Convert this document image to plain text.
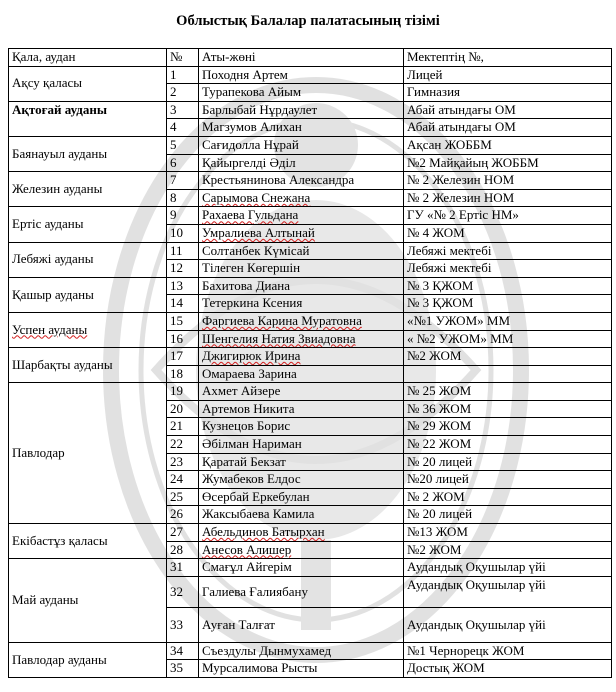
Облыстық Балалар палатасының тізімі
Қала, аудан	№	Аты-жөні	Мектептің №,
Ақсу қаласы	1	Походня Артем	Лицей
	2	Турапекова Айым	Гимназия
Ақтоғай ауданы	3	Барлыбай Нұрдаулет	Абай атындағы ОМ
	4	Магзумов Алихан	Абай атындағы ОМ
Баянауыл ауданы	5	Сағидолла Нұрай	Ақсан ЖОББМ
	6	Қайыргелді Әділ	№2 Майқайың ЖОББМ
Железин ауданы	7	Крестьянинова Александра	№ 2 Железин НОМ
	8	Сарымова Снежана	№ 2 Железин НОМ
Ертіс ауданы	9	Рахаева Гульдана	ГУ «№ 2 Ертіс НМ»
	10	Умралиева Алтынай	№ 4 ЖОМ
Лебяжі ауданы	11	Солтанбек Күмісай	Лебяжі мектебі
	12	Тілеген Көгершін	Лебяжі мектебі
Қашыр ауданы	13	Бахитова Диана	№ 3 ҚЖОМ
	14	Тетеркина Ксения	№ 3 ҚЖОМ
Успен ауданы	15	Фаргиева Карина Муратовна	«№1 УЖОМ» ММ
	16	Шенгелия Натия Звиадовна	« №2 УЖОМ» ММ
Шарбақты ауданы	17	Джигирюк Ирина	№2 ЖОМ
	18	Омараева Зарина	
Павлодар	19	Ахмет Айзере	№ 25 ЖОМ
	20	Артемов Никита	№ 36 ЖОМ
	21	Кузнецов Борис	№ 29 ЖОМ
	22	Әбілман Нариман	№ 22 ЖОМ
	23	Қаратай Бекзат	№ 20 лицей
	24	Жумабеков Елдос	№20 лицей
	25	Өсербай Еркебулан	№ 2 ЖОМ
	26	Жаксыбаева Камила	№ 20 лицей
Екібастұз қаласы	27	Абельдинов Батырхан	№13 ЖОМ
	28	Анесов Алишер	№2 ЖОМ
Май ауданы	31	Смағұл Айгерім	Аудандық Оқушылар үйі
	32	Галиева Ғалиябану	Аудандық Оқушылар үйі
	33	Ауған Талғат	Аудандық Оқушылар үйі
Павлодар ауданы	34	Съездулы Дынмухамед	№1 Чернорецк ЖОМ
	35	Мурсалимова Рысты	Достық ЖОМ
